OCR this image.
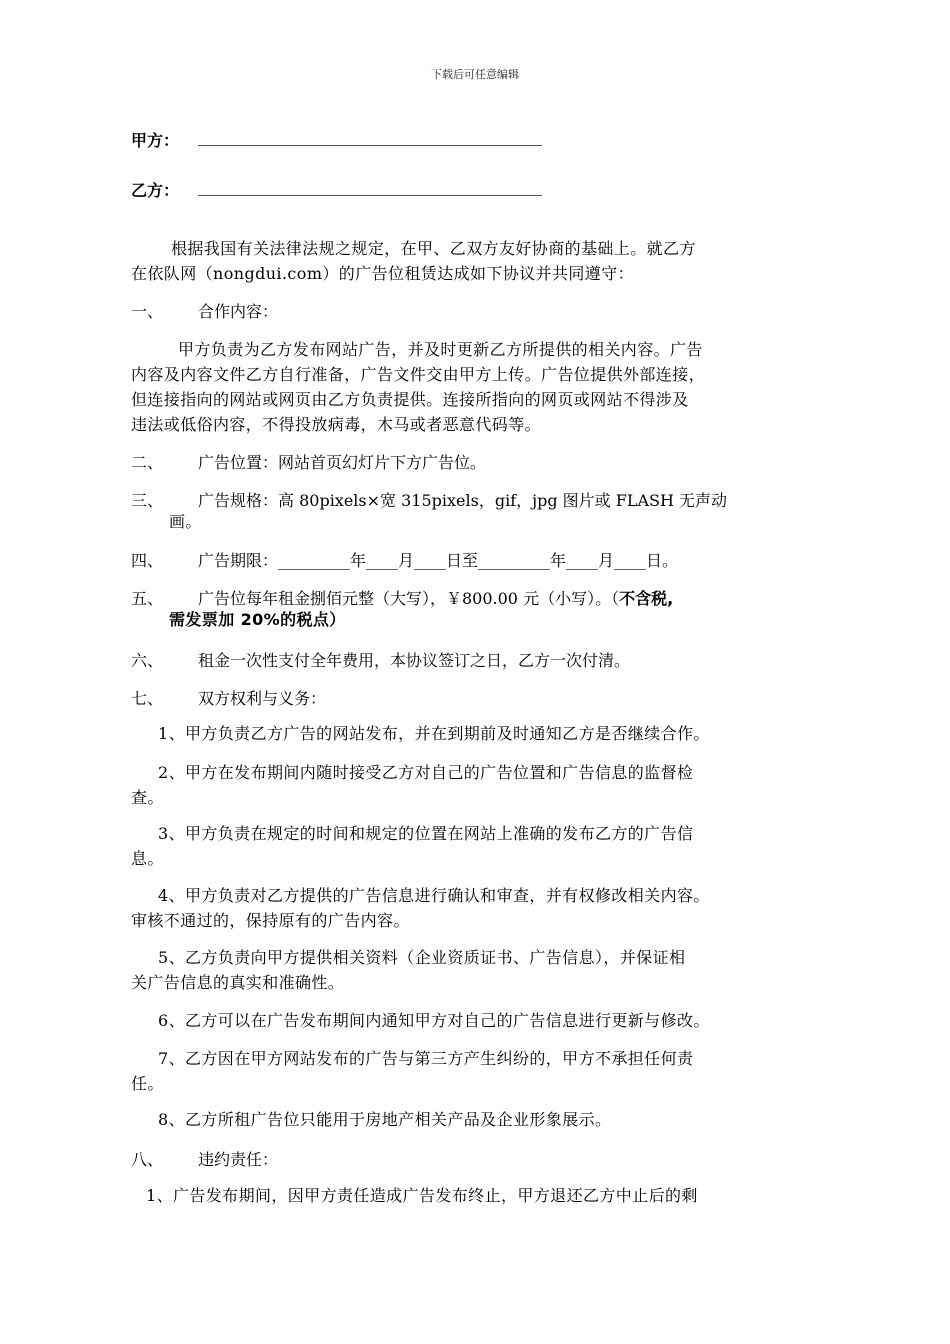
下载后可任意编辑
甲方：
乙方：
根据我国有关法律法规之规定，在甲、乙双方友好协商的基础上。就乙方
在依队网（nongdui.com）的广告位租赁达成如下协议并共同遵守：
一、 合作内容：
甲方负责为乙方发布网站广告，并及时更新乙方所提供的相关内容。广告
内容及内容文件乙方自行准备，广告文件交由甲方上传。广告位提供外部连接，
但连接指向的网站或网页由乙方负责提供。连接所指向的网页或网站不得涉及
违法或低俗内容，不得投放病毒，木马或者恶意代码等。
二、 广告位置：网站首页幻灯片下方广告位。
三、 广告规格：高 80pixels×宽 315pixels，gif，jpg 图片或 FLASH 无声动
画。
四、 广告期限：_________年____月____日至_________年____月____日。
五、 广告位每年租金捌佰元整（大写），￥800.00 元（小写）。（不含税,
需发票加 20%的税点）
六、 租金一次性支付全年费用，本协议签订之日，乙方一次付清。
七、 双方权利与义务：
1、甲方负责乙方广告的网站发布，并在到期前及时通知乙方是否继续合作。
2、甲方在发布期间内随时接受乙方对自己的广告位置和广告信息的监督检
查。
3、甲方负责在规定的时间和规定的位置在网站上准确的发布乙方的广告信
息。
4、甲方负责对乙方提供的广告信息进行确认和审查，并有权修改相关内容。
审核不通过的，保持原有的广告内容。
5、乙方负责向甲方提供相关资料（企业资质证书、广告信息），并保证相
关广告信息的真实和准确性。
6、乙方可以在广告发布期间内通知甲方对自己的广告信息进行更新与修改。
7、乙方因在甲方网站发布的广告与第三方产生纠纷的，甲方不承担任何责
任。
8、乙方所租广告位只能用于房地产相关产品及企业形象展示。
八、 违约责任：
1、广告发布期间，因甲方责任造成广告发布终止，甲方退还乙方中止后的剩
